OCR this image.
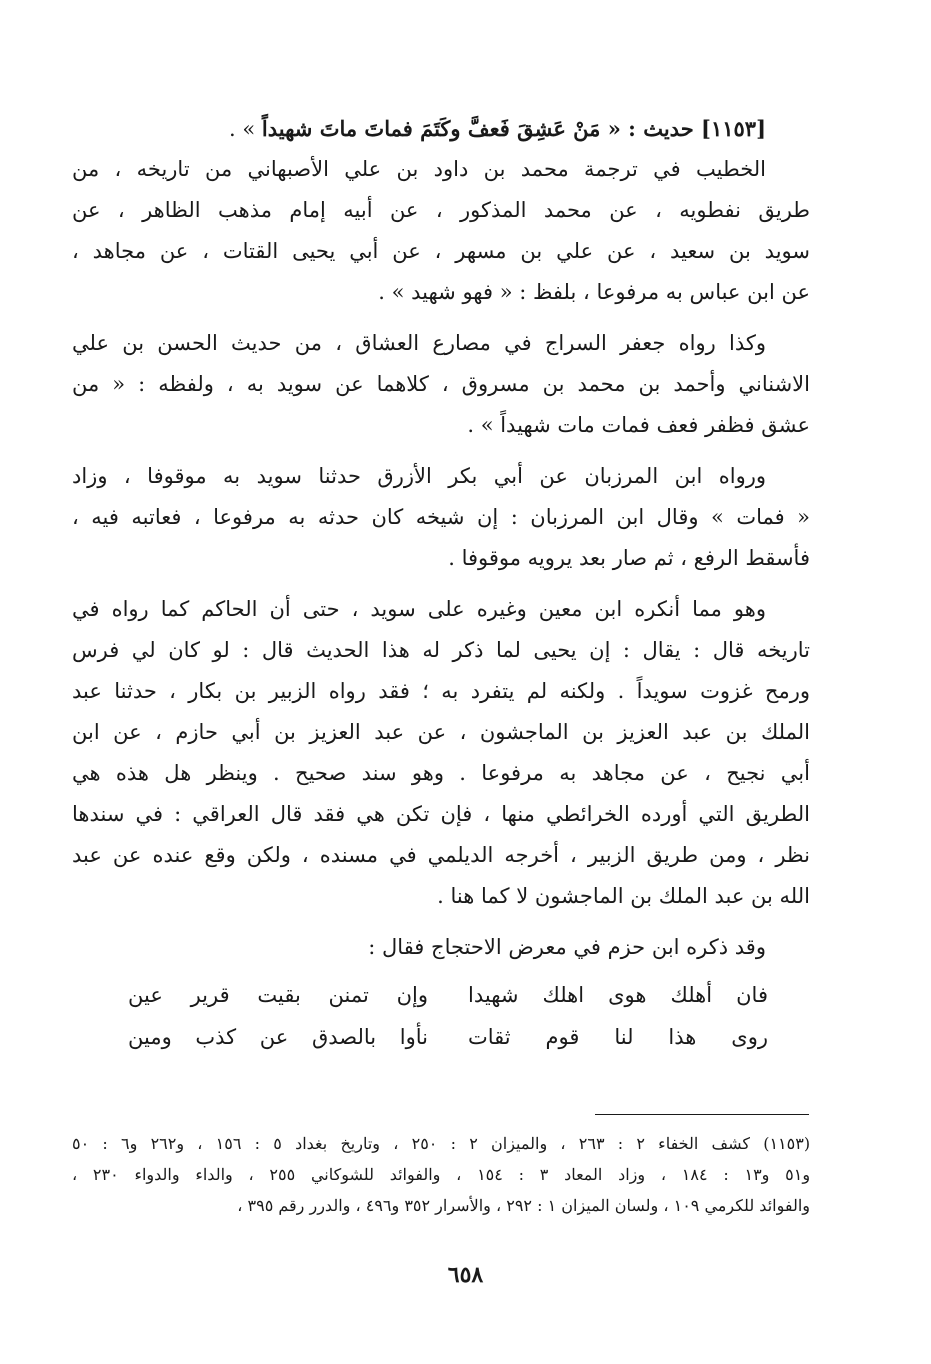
[١١٥٣] حديث : « مَنْ عَشِقَ فَعفَّ وكَتَمَ فماتَ ماتَ شهيداً » .
الخطيب في ترجمة محمد بن داود بن علي الأصبهاني من تاريخه ، من
طريق نفطويه ، عن محمد المذكور ، عن أبيه إمام مذهب الظاهر ، عن
سويد بن سعيد ، عن علي بن مسهر ، عن أبي يحيى القتات ، عن مجاهد ،
عن ابن عباس به مرفوعا ، بلفظ : « فهو شهيد » .
وكذا رواه جعفر السراج في مصارع العشاق ، من حديث الحسن بن علي
الاشناني وأحمد بن محمد بن مسروق ، كلاهما عن سويد به ، ولفظه : « من
عشق فظفر فعف فمات مات شهيداً » .
ورواه ابن المرزبان عن أبي بكر الأزرق حدثنا سويد به موقوفا ، وزاد
« فمات » وقال ابن المرزبان : إن شيخه كان حدثه به مرفوعا ، فعاتبه فيه ،
فأسقط الرفع ، ثم صار بعد يرويه موقوفا .
وهو مما أنكره ابن معين وغيره على سويد ، حتى أن الحاكم كما رواه في
تاريخه قال : يقال : إن يحيى لما ذكر له هذا الحديث قال : لو كان لي فرس
ورمح غزوت سويداً . ولكنه لم يتفرد به ؛ فقد رواه الزبير بن بكار ، حدثنا عبد
الملك بن عبد العزيز بن الماجشون ، عن عبد العزيز بن أبي حازم ، عن ابن
أبي نجيح ، عن مجاهد به مرفوعا . وهو سند صحيح . وينظر هل هذه هي
الطريق التي أورده الخرائطي منها ، فإن تكن هي فقد قال العراقي : في سندها
نظر ، ومن طريق الزبير ، أخرجه الديلمي في مسنده ، ولكن وقع عنده عن عبد
الله بن عبد الملك بن الماجشون لا كما هنا .
وقد ذكره ابن حزم في معرض الاحتجاج فقال :
فان أهلك هوى اهلك شهيدا
وإن تمنن بقيت قرير عين
روى هذا لنا قوم ثقات
نأوا بالصدق عن كذب ومين
(١١٥٣) كشف الخفاء ٢ : ٢٦٣ ، والميزان ٢ : ٢٥٠ ، وتاريخ بغداد ٥ : ١٥٦ ، و٢٦٢ و٦ : ٥٠
و٥١ و١٣ : ١٨٤ ، وزاد المعاد ٣ : ١٥٤ ، والفوائد للشوكاني ٢٥٥ ، والداء والدواء ٢٣٠ ،
والفوائد للكرمي ١٠٩ ، ولسان الميزان ١ : ٢٩٢ ، والأسرار ٣٥٢ و٤٩٦ ، والدرر رقم ٣٩٥ ،
٦٥٨
